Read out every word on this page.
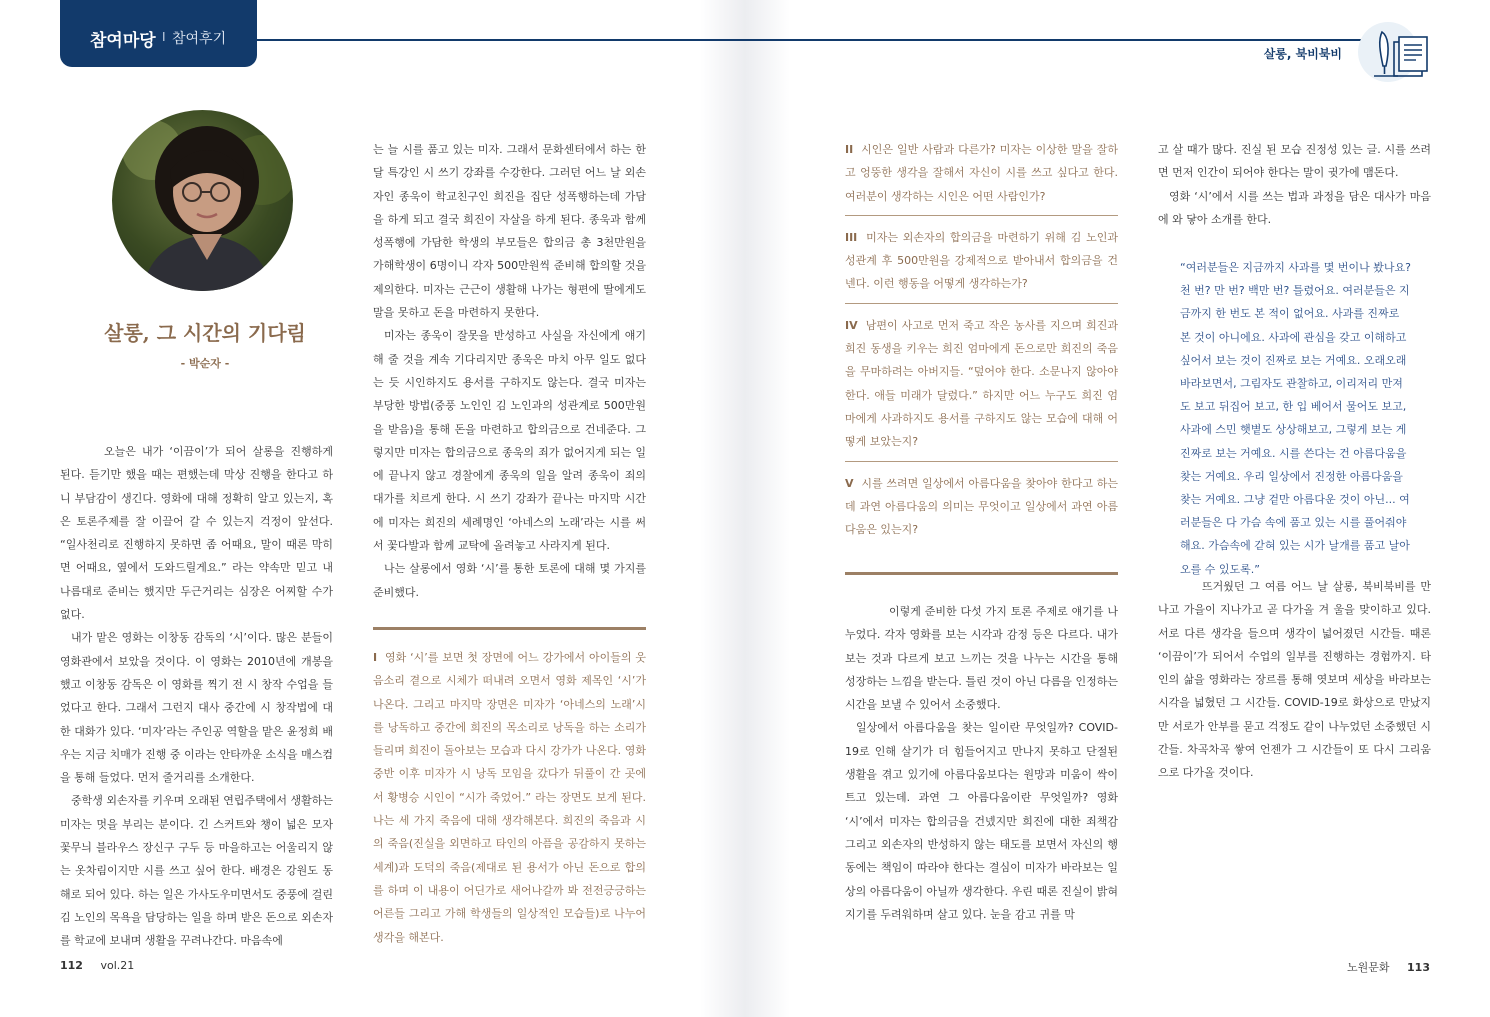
참여마당 I 참여후기
살롱, 북비북비
살롱, 그 시간의 기다림
- 박순자 -

오늘은 내가 ‘이끔이’가 되어 살롱을 진행하게 된다. 듣기만 했을 때는 편했는데 막상 진행을 한다고 하니 부담감이 생긴다. 영화에 대해 정확히 알고 있는지, 혹은 토론주제를 잘 이끌어 갈 수 있는지 걱정이 앞선다. “일사천리로 진행하지 못하면 좀 어때요, 말이 때론 막히면 어때요, 옆에서 도와드릴게요.” 라는 약속만 믿고 내 나름대로 준비는 했지만 두근거리는 심장은 어찌할 수가 없다.

내가 맡은 영화는 이창동 감독의 ‘시’이다. 많은 분들이 영화관에서 보았을 것이다. 이 영화는 2010년에 개봉을 했고 이창동 감독은 이 영화를 찍기 전 시 창작 수업을 들었다고 한다. 그래서 그런지 대사 중간에 시 창작법에 대한 대화가 있다. ‘미자’라는 주인공 역할을 맡은 윤정희 배우는 지금 치매가 진행 중 이라는 안타까운 소식을 매스컴을 통해 들었다. 먼저 줄거리를 소개한다.

중학생 외손자를 키우며 오래된 연립주택에서 생활하는 미자는 멋을 부리는 분이다. 긴 스커트와 챙이 넓은 모자 꽃무늬 블라우스 장신구 구두 등 마을하고는 어울리지 않는 옷차림이지만 시를 쓰고 싶어 한다. 배경은 강원도 동해로 되어 있다. 하는 일은 가사도우미면서도 중풍에 걸린 김 노인의 목욕을 담당하는 일을 하며 받은 돈으로 외손자를 학교에 보내며 생활을 꾸려나간다. 마음속에

는 늘 시를 품고 있는 미자. 그래서 문화센터에서 하는 한 달 특강인 시 쓰기 강좌를 수강한다. 그러던 어느 날 외손자인 종욱이 학교친구인 희진을 집단 성폭행하는데 가담을 하게 되고 결국 희진이 자살을 하게 된다. 종욱과 함께 성폭행에 가담한 학생의 부모들은 합의금 총 3천만원을 가해학생이 6명이니 각자 500만원씩 준비해 합의할 것을 제의한다. 미자는 근근이 생활해 나가는 형편에 딸에게도 말을 못하고 돈을 마련하지 못한다.

미자는 종욱이 잘못을 반성하고 사실을 자신에게 얘기해 줄 것을 계속 기다리지만 종욱은 마치 아무 일도 없다는 듯 시인하지도 용서를 구하지도 않는다. 결국 미자는 부당한 방법(중풍 노인인 김 노인과의 성관계로 500만원을 받음)을 통해 돈을 마련하고 합의금으로 건네준다. 그렇지만 미자는 합의금으로 종욱의 죄가 없어지게 되는 일에 끝나지 않고 경찰에게 종욱의 일을 알려 종욱이 죄의 대가를 치르게 한다. 시 쓰기 강좌가 끝나는 마지막 시간에 미자는 희진의 세례명인 ‘아네스의 노래’라는 시를 써서 꽃다발과 함께 교탁에 올려놓고 사라지게 된다.

나는 살롱에서 영화 ‘시’를 통한 토론에 대해 몇 가지를 준비했다.

I 영화 ‘시’를 보면 첫 장면에 어느 강가에서 아이들의 웃음소리 곁으로 시체가 떠내려 오면서 영화 제목인 ‘시’가 나온다. 그리고 마지막 장면은 미자가 ‘아네스의 노래’시를 낭독하고 중간에 희진의 목소리로 낭독을 하는 소리가 들리며 희진이 돌아보는 모습과 다시 강가가 나온다. 영화 중반 이후 미자가 시 낭독 모임을 갔다가 뒤풀이 간 곳에서 황병승 시인이 “시가 죽었어.” 라는 장면도 보게 된다. 나는 세 가지 죽음에 대해 생각해본다. 희진의 죽음과 시의 죽음(진실을 외면하고 타인의 아픔을 공감하지 못하는 세계)과 도덕의 죽음(제대로 된 용서가 아닌 돈으로 합의를 하며 이 내용이 어딘가로 새어나갈까 봐 전전긍긍하는 어른들 그리고 가해 학생들의 일상적인 모습들)로 나누어 생각을 해본다.
II 시인은 일반 사람과 다른가? 미자는 이상한 말을 잘하고 엉뚱한 생각을 잘해서 자신이 시를 쓰고 싶다고 한다. 여러분이 생각하는 시인은 어떤 사람인가?
III 미자는 외손자의 합의금을 마련하기 위해 김 노인과 성관계 후 500만원을 강제적으로 받아내서 합의금을 건넨다. 이런 행동을 어떻게 생각하는가?
IV 남편이 사고로 먼저 죽고 작은 농사를 지으며 희진과 희진 동생을 키우는 희진 엄마에게 돈으로만 희진의 죽음을 무마하려는 아버지들. “덮어야 한다. 소문나지 않아야 한다. 애들 미래가 달렸다.” 하지만 어느 누구도 희진 엄마에게 사과하지도 용서를 구하지도 않는 모습에 대해 어떻게 보았는지?
V 시를 쓰려면 일상에서 아름다움을 찾아야 한다고 하는데 과연 아름다움의 의미는 무엇이고 일상에서 과연 아름다움은 있는지?

이렇게 준비한 다섯 가지 토론 주제로 얘기를 나누었다. 각자 영화를 보는 시각과 감정 등은 다르다. 내가 보는 것과 다르게 보고 느끼는 것을 나누는 시간을 통해 성장하는 느낌을 받는다. 틀린 것이 아닌 다름을 인정하는 시간을 보낼 수 있어서 소중했다.

일상에서 아름다움을 찾는 일이란 무엇일까? COVID-19로 인해 살기가 더 힘들어지고 만나지 못하고 단절된 생활을 겪고 있기에 아름다움보다는 원망과 미움이 싹이 트고 있는데. 과연 그 아름다움이란 무엇일까? 영화 ‘시’에서 미자는 합의금을 건넸지만 희진에 대한 죄책감 그리고 외손자의 반성하지 않는 태도를 보면서 자신의 행동에는 책임이 따라야 한다는 결심이 미자가 바라보는 일상의 아름다움이 아닐까 생각한다. 우린 때론 진실이 밝혀지기를 두려워하며 살고 있다. 눈을 감고 귀를 막

고 살 때가 많다. 진실 된 모습 진정성 있는 글. 시를 쓰려면 먼저 인간이 되어야 한다는 말이 귓가에 맴돈다.

영화 ‘시’에서 시를 쓰는 법과 과정을 담은 대사가 마음에 와 닿아 소개를 한다.

“여러분들은 지금까지 사과를 몇 번이나 봤나요? 천 번? 만 번? 백만 번? 틀렸어요. 여러분들은 지금까지 한 번도 본 적이 없어요. 사과를 진짜로 본 것이 아니에요. 사과에 관심을 갖고 이해하고 싶어서 보는 것이 진짜로 보는 거예요. 오래오래 바라보면서, 그림자도 관찰하고, 이리저리 만져도 보고 뒤집어 보고, 한 입 베어서 물어도 보고, 사과에 스민 햇볕도 상상해보고, 그렇게 보는 게 진짜로 보는 거예요. 시를 쓴다는 건 아름다움을 찾는 거예요. 우리 일상에서 진정한 아름다움을 찾는 거예요. 그냥 겉만 아름다운 것이 아닌... 여러분들은 다 가슴 속에 품고 있는 시를 풀어줘야 해요. 가슴속에 갇혀 있는 시가 날개를 품고 날아오를 수 있도록.”

뜨거웠던 그 여름 어느 날 살롱, 북비북비를 만나고 가을이 지나가고 곧 다가올 겨 울을 맞이하고 있다. 서로 다른 생각을 들으며 생각이 넓어졌던 시간들. 때론 ‘이끔이’가 되어서 수업의 일부를 진행하는 경험까지. 타인의 삶을 영화라는 장르를 통해 엿보며 세상을 바라보는 시각을 넓혔던 그 시간들. COVID-19로 화상으로 만났지만 서로가 안부를 묻고 걱정도 같이 나누었던 소중했던 시간들. 차곡차곡 쌓여 언젠가 그 시간들이 또 다시 그리움으로 다가올 것이다.

112 vol.21	노원문화 113
